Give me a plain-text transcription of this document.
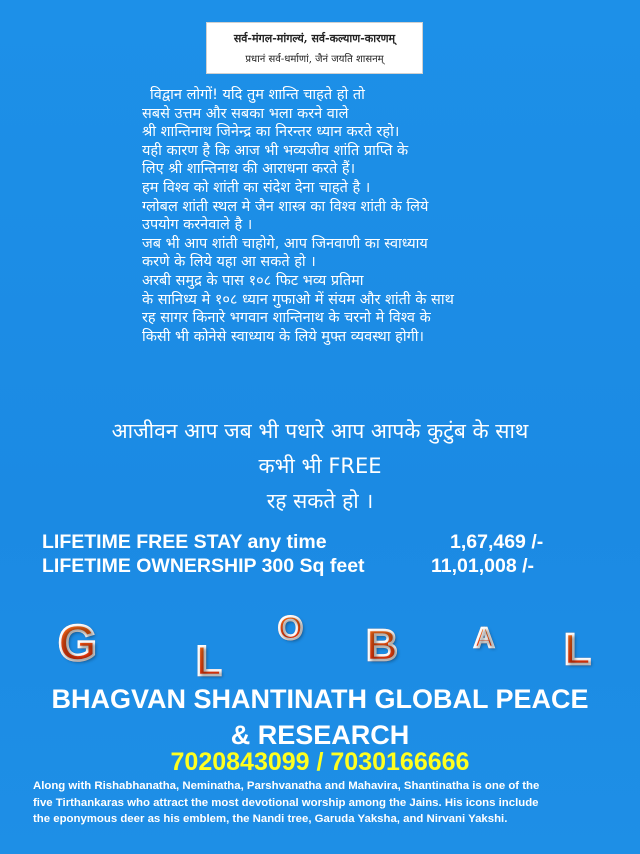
सर्व-मंगल-मांगल्यं, सर्व-कल्याण-कारणम्
प्रधानं सर्व-धर्माणां, जैनं जयति शासनम्
विद्वान लोगों! यदि तुम शान्ति चाहते हो तो
सबसे उत्तम और सबका भला करने वाले
श्री शान्तिनाथ जिनेन्द्र का निरन्तर ध्यान करते रहो।
यही कारण है कि आज भी भव्यजीव शांति प्राप्ति के
लिए श्री शान्तिनाथ की आराधना करते हैं।
हम विश्व को शांती का संदेश देना चाहते है ।
ग्लोबल शांती स्थल मे जैन शास्त्र का विश्व शांती के लिये
उपयोग करनेवाले है ।
जब भी आप शांती चाहोगे, आप जिनवाणी का स्वाध्याय
करणे के लिये यहा आ सकते हो ।
अरबी समुद्र के पास १०८ फिट भव्य प्रतिमा
के सानिध्य मे १०८ ध्यान गुफाओ में संयम और शांती के साथ
रह सागर किनारे भगवान शान्तिनाथ के चरनो मे विश्व के
किसी भी कोनेसे स्वाध्याय के लिये मुफ्त व्यवस्था होगी।
आजीवन आप जब भी पधारे आप आपके कुटुंब के साथ
कभी भी FREE
रह सकते हो ।
LIFETIME FREE STAY any time	1,67,469 /-
LIFETIME OWNERSHIP 300 Sq feet	11,01,008 /-
G L
O B	A L
BHAGVAN SHANTINATH GLOBAL PEACE
& RESEARCH
7020843099 / 7030166666
Along with Rishabhanatha, Neminatha, Parshvanatha and Mahavira, Shantinatha is one of the
five Tirthankaras who attract the most devotional worship among the Jains. His icons include
the eponymous deer as his emblem, the Nandi tree, Garuda Yaksha, and Nirvani Yakshi.
